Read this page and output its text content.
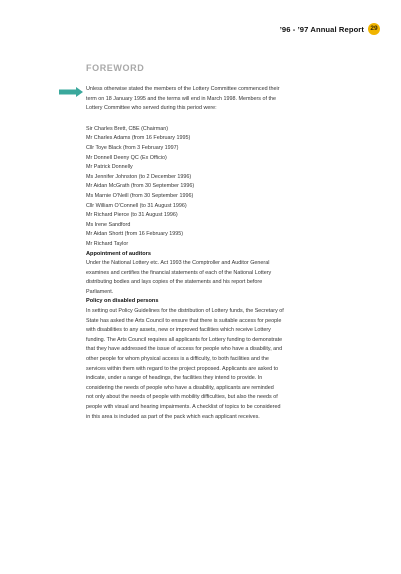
’96 - ’97 Annual Report 29
FOREWORD

Unless otherwise stated the members of the Lottery Committee commenced their
term on 18 January 1995 and the terms will end in March 1998. Members of the
Lottery Committee who served during this period were:

Sir Charles Brett, CBE (Chairman)
Mr Charles Adams (from 16 February 1995)
Cllr Toye Black (from 3 February 1997)
Mr Donnell Deeny QC (Ex Officio)
Mr Patrick Donnelly
Ms Jennifer Johnston (to 2 December 1996)
Mr Aidan McGrath (from 30 September 1996)
Ms Marnie O’Neill (from 30 September 1996)
Cllr William O’Connell (to 31 August 1996)
Mr Richard Pierce (to 31 August 1996)
Ms Irene Sandford
Mr Aidan Shortt (from 16 February 1995)
Mr Richard Taylor

Appointment of auditors

Under the National Lottery etc. Act 1993 the Comptroller and Auditor General
examines and certifies the financial statements of each of the National Lottery
distributing bodies and lays copies of the statements and his report before
Parliament.

Policy on disabled persons

In setting out Policy Guidelines for the distribution of Lottery funds, the Secretary of
State has asked the Arts Council to ensure that there is suitable access for people
with disabilities to any assets, new or improved facilities which receive Lottery
funding. The Arts Council requires all applicants for Lottery funding to demonstrate
that they have addressed the issue of access for people who have a disability, and
other people for whom physical access is a difficulty, to both facilities and the
services within them with regard to the project proposed. Applicants are asked to
indicate, under a range of headings, the facilities they intend to provide. In
considering the needs of people who have a disability, applicants are reminded
not only about the needs of people with mobility difficulties, but also the needs of
people with visual and hearing impairments. A checklist of topics to be considered
in this area is included as part of the pack which each applicant receives.
